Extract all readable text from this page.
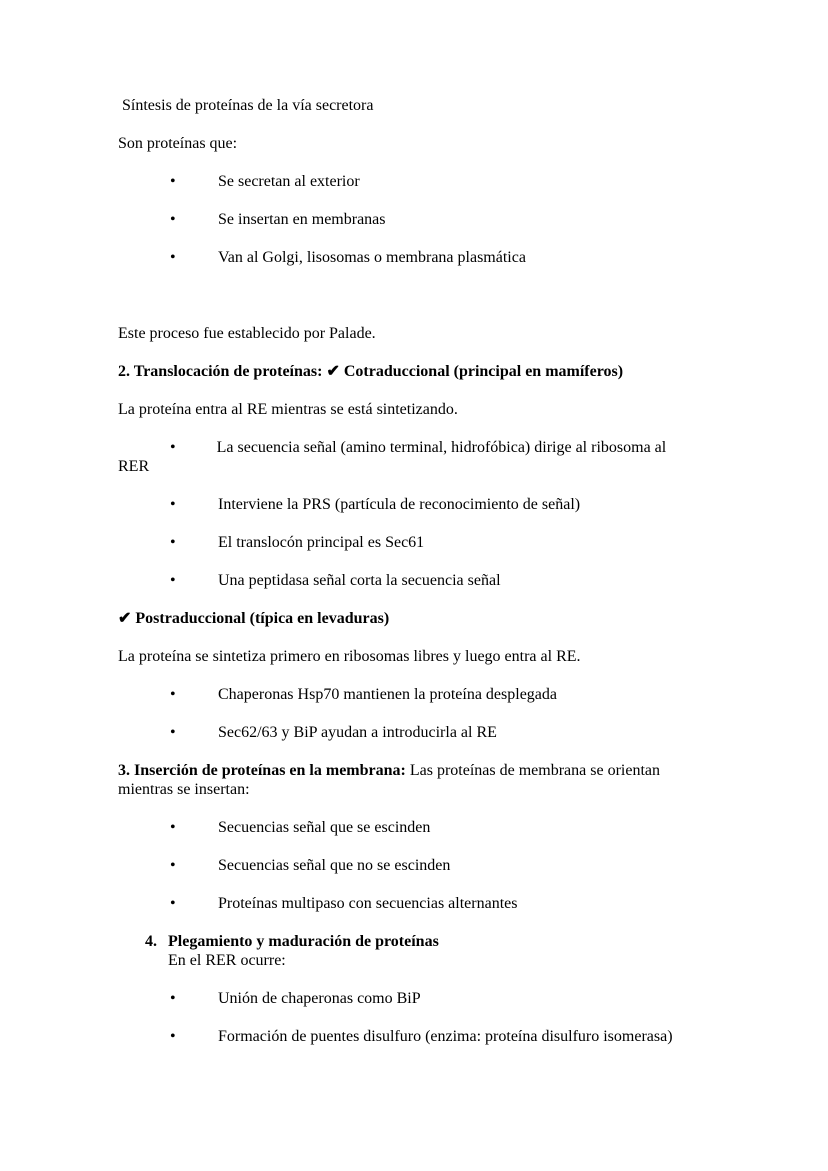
Síntesis de proteínas de la vía secretora

Son proteínas que:

•	Se secretan al exterior
•	Se insertan en membranas
•	Van al Golgi, lisosomas o membrana plasmática

Este proceso fue establecido por Palade.

2. Translocación de proteínas: ✔ Cotraduccional (principal en mamíferos)

La proteína entra al RE mientras se está sintetizando.

•	La secuencia señal (amino terminal, hidrofóbica) dirige al ribosoma al
RER
•	Interviene la PRS (partícula de reconocimiento de señal)
•	El translocón principal es Sec61
•	Una peptidasa señal corta la secuencia señal

✔ Postraduccional (típica en levaduras)

La proteína se sintetiza primero en ribosomas libres y luego entra al RE.

•	Chaperonas Hsp70 mantienen la proteína desplegada
•	Sec62/63 y BiP ayudan a introducirla al RE

3. Inserción de proteínas en la membrana: Las proteínas de membrana se orientan mientras se insertan:

•	Secuencias señal que se escinden
•	Secuencias señal que no se escinden
•	Proteínas multipaso con secuencias alternantes
4. Plegamiento y maduración de proteínas
En el RER ocurre:
•	Unión de chaperonas como BiP
•	Formación de puentes disulfuro (enzima: proteína disulfuro isomerasa)
